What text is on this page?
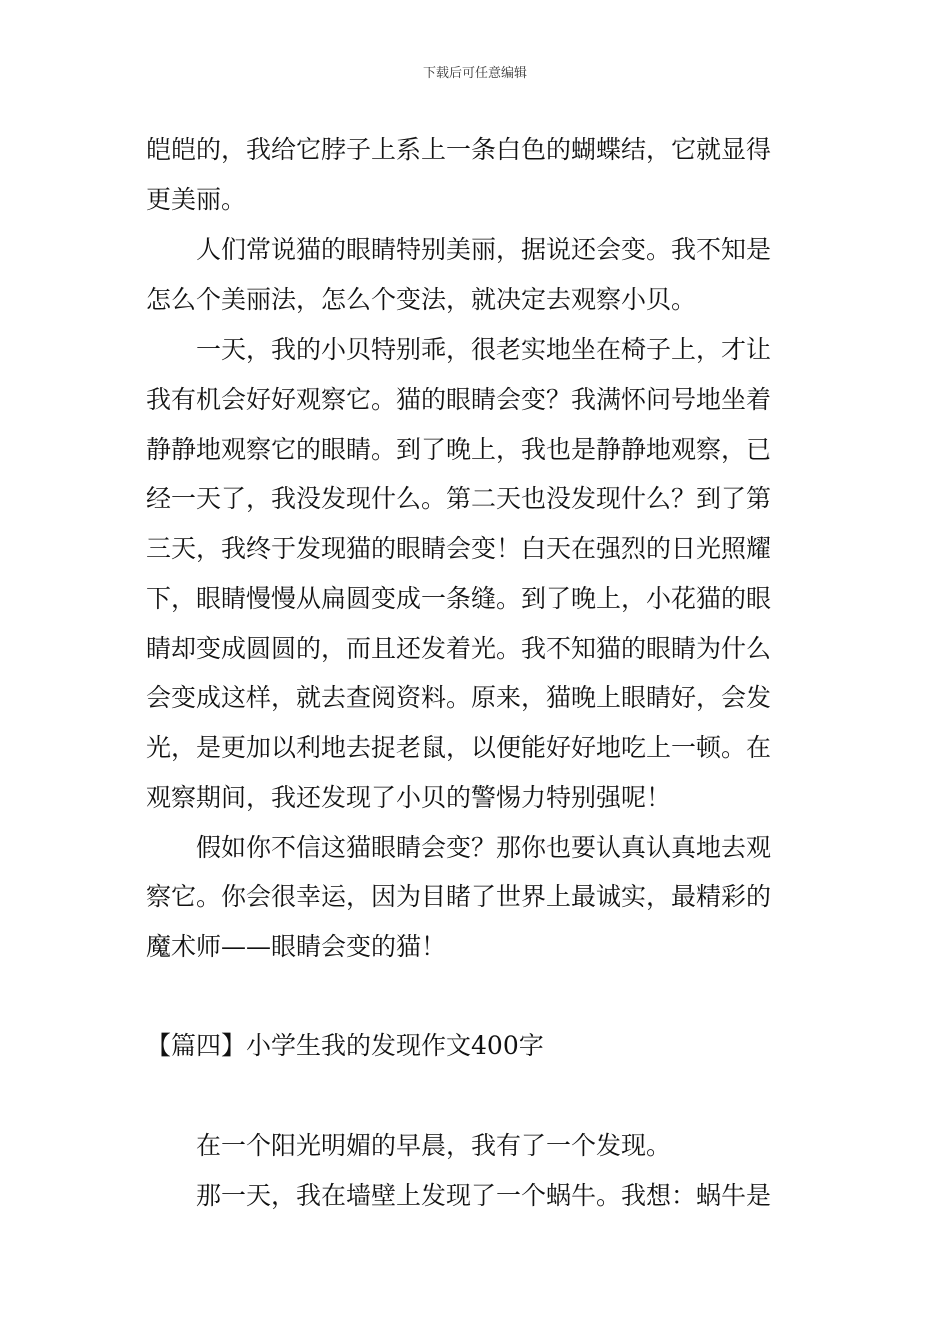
下载后可任意编辑
皑皑的，我给它脖子上系上一条白色的蝴蝶结，它就显得
更美丽。
人们常说猫的眼睛特别美丽，据说还会变。我不知是
怎么个美丽法，怎么个变法，就决定去观察小贝。
一天，我的小贝特别乖，很老实地坐在椅子上，才让
我有机会好好观察它。猫的眼睛会变？我满怀问号地坐着
静静地观察它的眼睛。到了晚上，我也是静静地观察，已
经一天了，我没发现什么。第二天也没发现什么？到了第
三天，我终于发现猫的眼睛会变！白天在强烈的日光照耀
下，眼睛慢慢从扁圆变成一条缝。到了晚上，小花猫的眼
睛却变成圆圆的，而且还发着光。我不知猫的眼睛为什么
会变成这样，就去查阅资料。原来，猫晚上眼睛好，会发
光，是更加以利地去捉老鼠，以便能好好地吃上一顿。在
观察期间，我还发现了小贝的警惕力特别强呢！
假如你不信这猫眼睛会变？那你也要认真认真地去观
察它。你会很幸运，因为目睹了世界上最诚实，最精彩的
魔术师——眼睛会变的猫！
【篇四】小学生我的发现作文400字
在一个阳光明媚的早晨，我有了一个发现。
那一天，我在墙壁上发现了一个蜗牛。我想：蜗牛是
